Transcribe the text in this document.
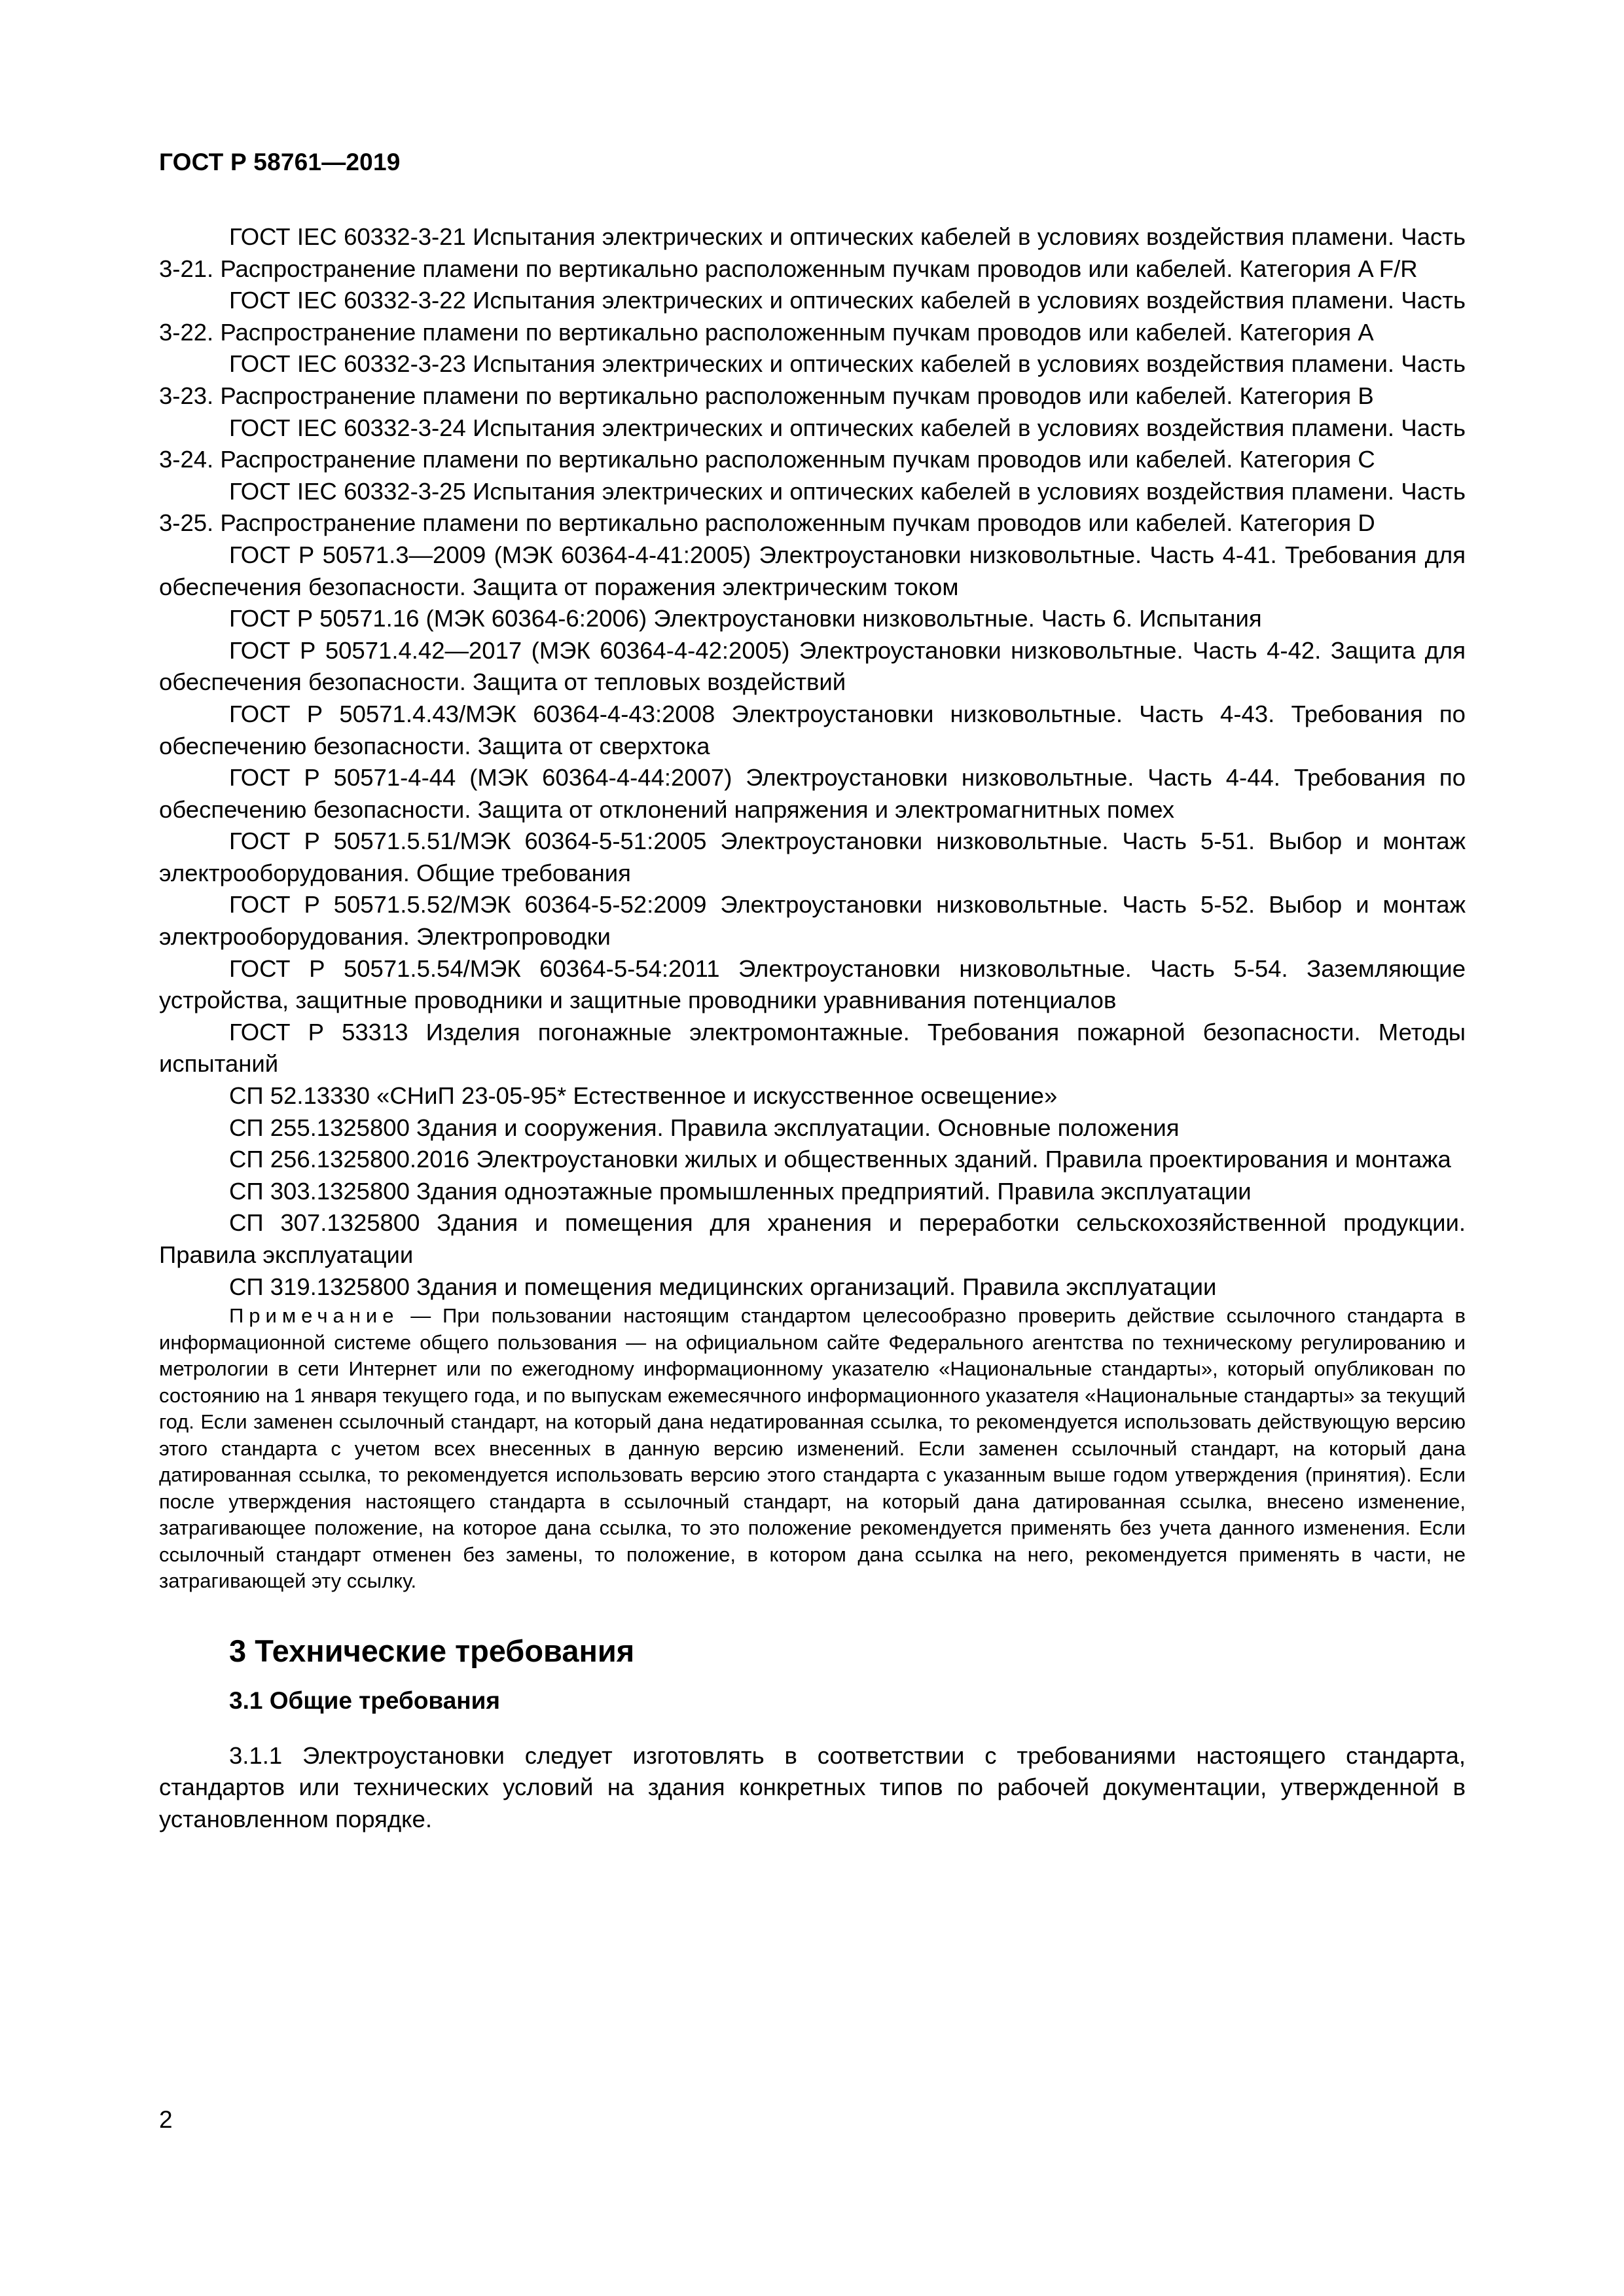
ГОСТ Р 58761—2019

ГОСТ IEC 60332-3-21 Испытания электрических и оптических кабелей в условиях воздействия пламени. Часть 3-21. Распространение пламени по вертикально расположенным пучкам проводов или кабелей. Категория A F/R

ГОСТ IEC 60332-3-22 Испытания электрических и оптических кабелей в условиях воздействия пламени. Часть 3-22. Распространение пламени по вертикально расположенным пучкам проводов или кабелей. Категория А

ГОСТ IEC 60332-3-23 Испытания электрических и оптических кабелей в условиях воздействия пламени. Часть 3-23. Распространение пламени по вертикально расположенным пучкам проводов или кабелей. Категория В

ГОСТ IEC 60332-3-24 Испытания электрических и оптических кабелей в условиях воздействия пламени. Часть 3-24. Распространение пламени по вертикально расположенным пучкам проводов или кабелей. Категория С

ГОСТ IEC 60332-3-25 Испытания электрических и оптических кабелей в условиях воздействия пламени. Часть 3-25. Распространение пламени по вертикально расположенным пучкам проводов или кабелей. Категория D

ГОСТ Р 50571.3—2009 (МЭК 60364-4-41:2005) Электроустановки низковольтные. Часть 4-41. Требования для обеспечения безопасности. Защита от поражения электрическим током

ГОСТ Р 50571.16 (МЭК 60364-6:2006) Электроустановки низковольтные. Часть 6. Испытания

ГОСТ Р 50571.4.42—2017 (МЭК 60364-4-42:2005) Электроустановки низковольтные. Часть 4-42. Защита для обеспечения безопасности. Защита от тепловых воздействий

ГОСТ Р 50571.4.43/МЭК 60364-4-43:2008 Электроустановки низковольтные. Часть 4-43. Требования по обеспечению безопасности. Защита от сверхтока

ГОСТ Р 50571-4-44 (МЭК 60364-4-44:2007) Электроустановки низковольтные. Часть 4-44. Требования по обеспечению безопасности. Защита от отклонений напряжения и электромагнитных помех

ГОСТ Р 50571.5.51/МЭК 60364-5-51:2005 Электроустановки низковольтные. Часть 5-51. Выбор и монтаж электрооборудования. Общие требования

ГОСТ Р 50571.5.52/МЭК 60364-5-52:2009 Электроустановки низковольтные. Часть 5-52. Выбор и монтаж электрооборудования. Электропроводки

ГОСТ Р 50571.5.54/МЭК 60364-5-54:2011 Электроустановки низковольтные. Часть 5-54. Заземляющие устройства, защитные проводники и защитные проводники уравнивания потенциалов

ГОСТ Р 53313 Изделия погонажные электромонтажные. Требования пожарной безопасности. Методы испытаний

СП 52.13330 «СНиП 23-05-95* Естественное и искусственное освещение»

СП 255.1325800 Здания и сооружения. Правила эксплуатации. Основные положения

СП 256.1325800.2016 Электроустановки жилых и общественных зданий. Правила проектирования и монтажа

СП 303.1325800 Здания одноэтажные промышленных предприятий. Правила эксплуатации

СП 307.1325800 Здания и помещения для хранения и переработки сельскохозяйственной продукции. Правила эксплуатации

СП 319.1325800 Здания и помещения медицинских организаций. Правила эксплуатации

Примечание — При пользовании настоящим стандартом целесообразно проверить действие ссылочного стандарта в информационной системе общего пользования — на официальном сайте Федерального агентства по техническому регулированию и метрологии в сети Интернет или по ежегодному информационному указателю «Национальные стандарты», который опубликован по состоянию на 1 января текущего года, и по выпускам ежемесячного информационного указателя «Национальные стандарты» за текущий год. Если заменен ссылочный стандарт, на который дана недатированная ссылка, то рекомендуется использовать действующую версию этого стандарта с учетом всех внесенных в данную версию изменений. Если заменен ссылочный стандарт, на который дана датированная ссылка, то рекомендуется использовать версию этого стандарта с указанным выше годом утверждения (принятия). Если после утверждения настоящего стандарта в ссылочный стандарт, на который дана датированная ссылка, внесено изменение, затрагивающее положение, на которое дана ссылка, то это положение рекомендуется применять без учета данного изменения. Если ссылочный стандарт отменен без замены, то положение, в котором дана ссылка на него, рекомендуется применять в части, не затрагивающей эту ссылку.

3 Технические требования
3.1 Общие требования

3.1.1 Электроустановки следует изготовлять в соответствии с требованиями настоящего стандарта, стандартов или технических условий на здания конкретных типов по рабочей документации, утвержденной в установленном порядке.

2
